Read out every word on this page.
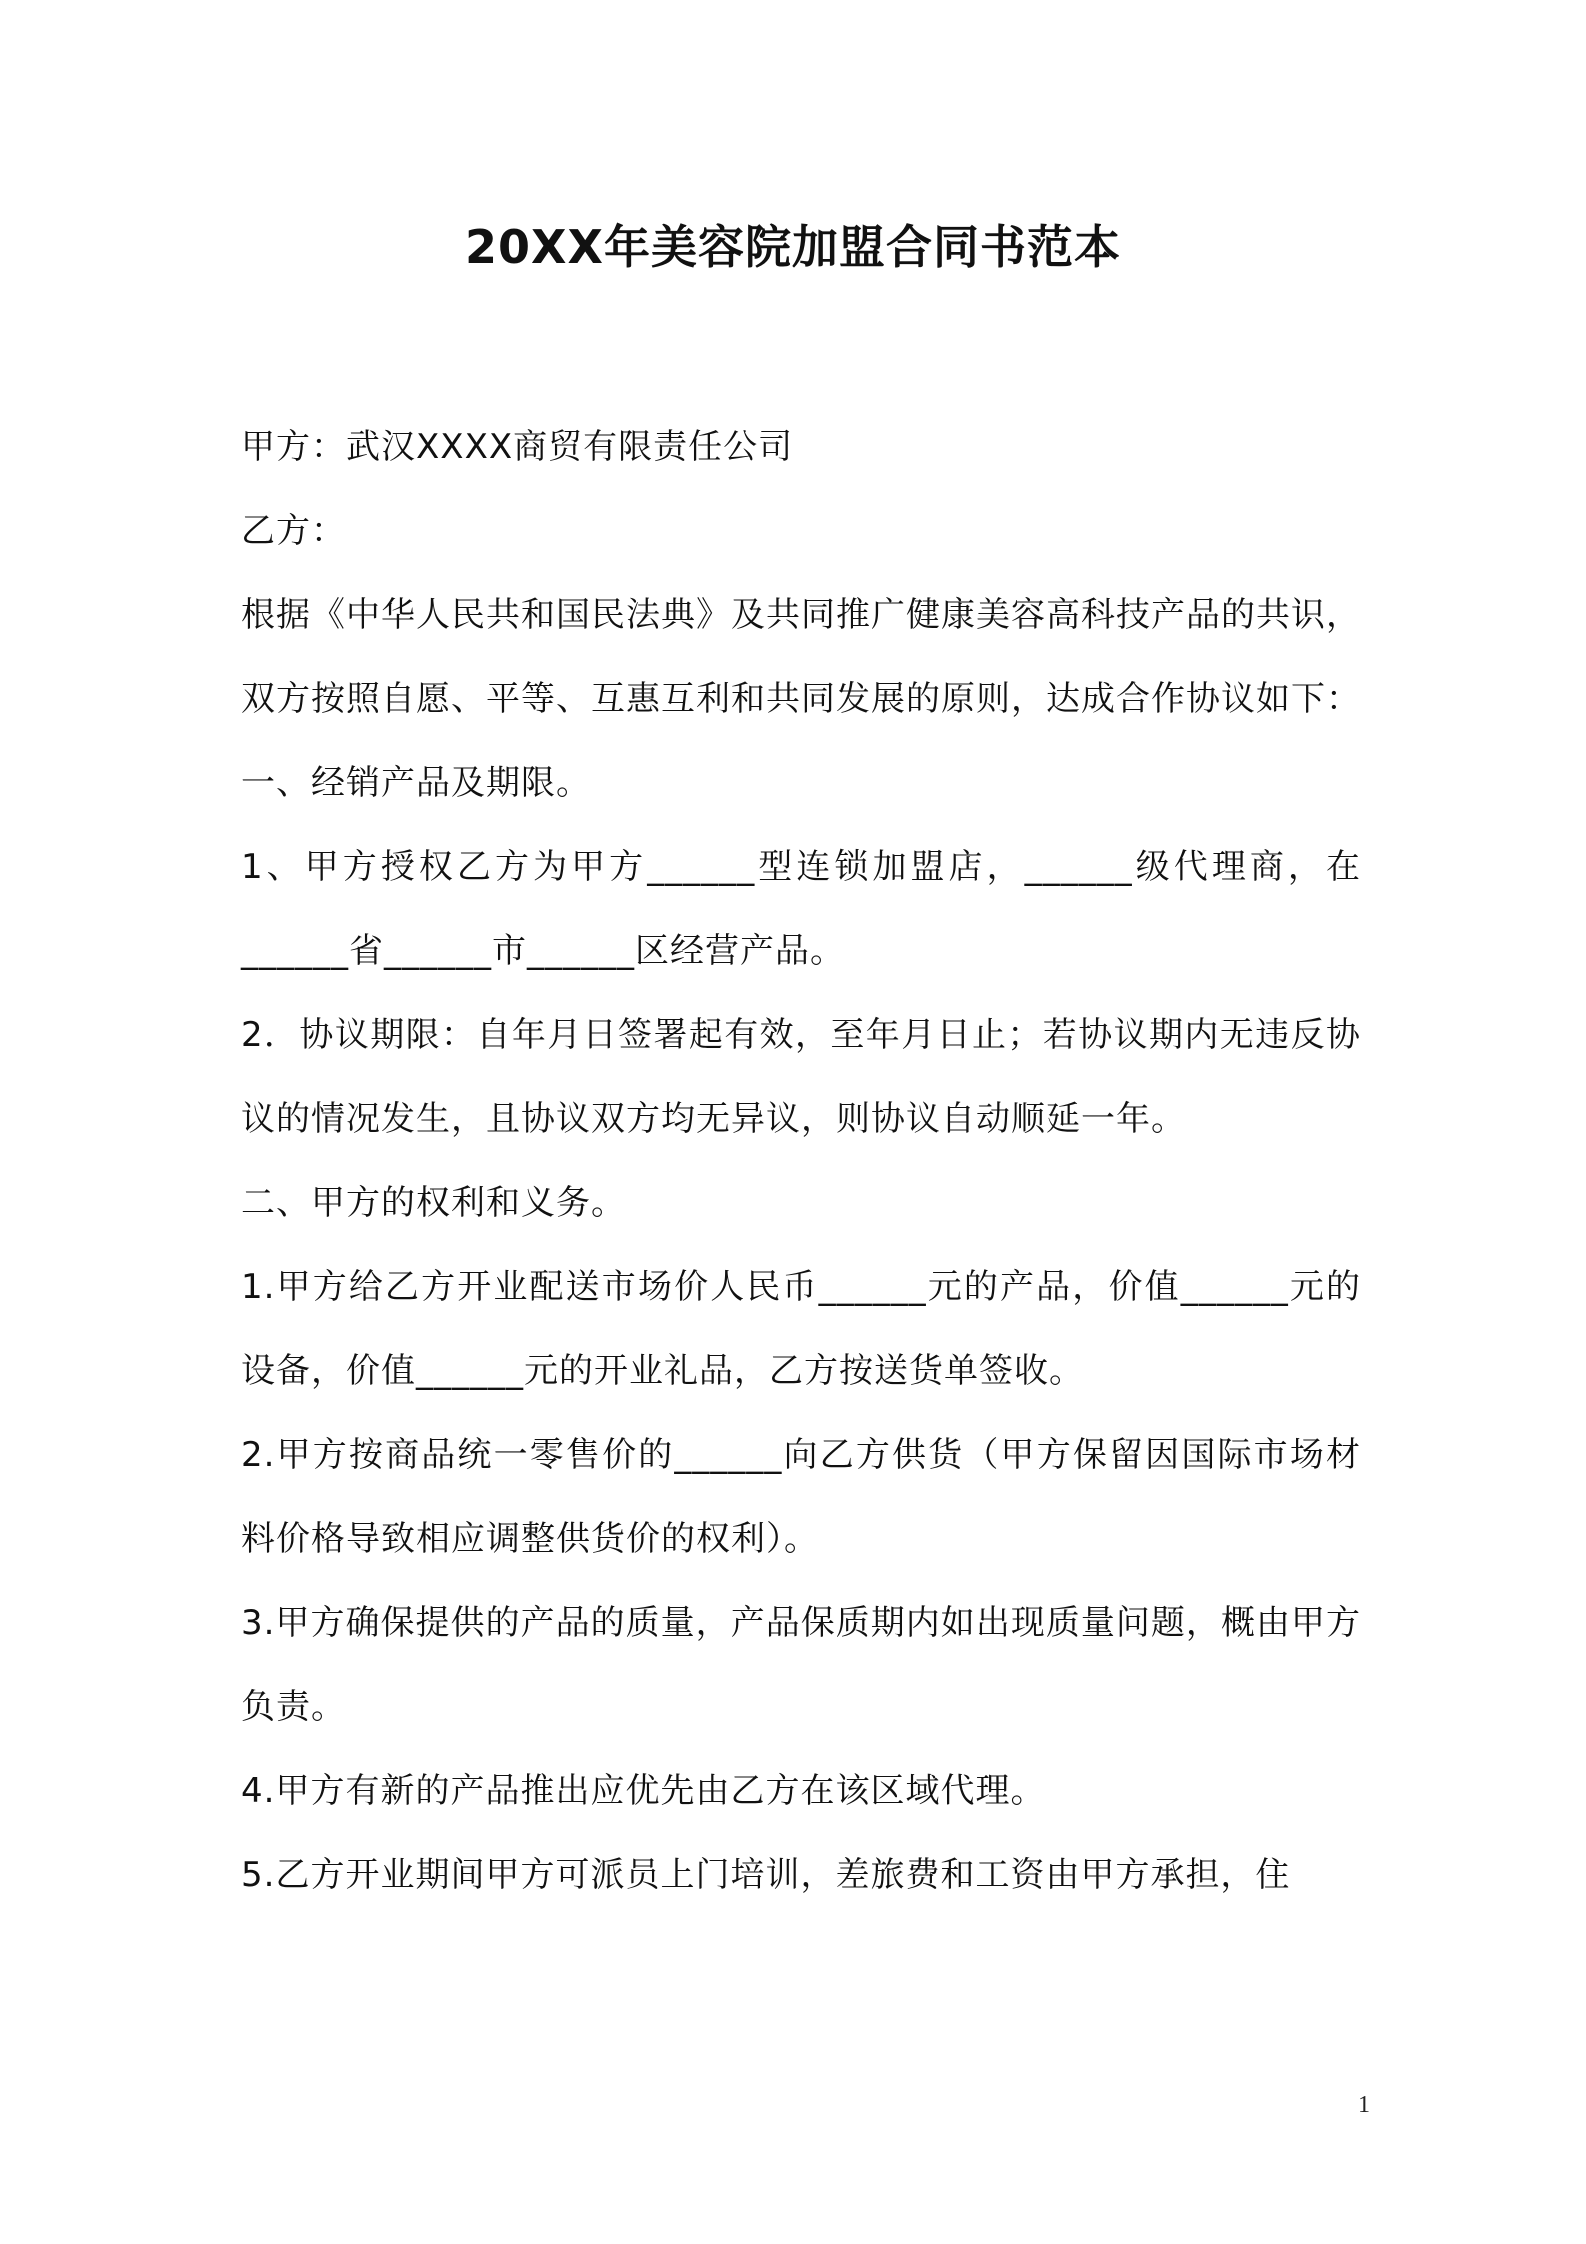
20XX年美容院加盟合同书范本

甲方：武汉XXXX商贸有限责任公司

乙方：

根据《中华人民共和国民法典》及共同推广健康美容高科技产品的共识，双方按照自愿、平等、互惠互利和共同发展的原则，达成合作协议如下：

一、经销产品及期限。

1、甲方授权乙方为甲方______型连锁加盟店，______级代理商，在______省______市______区经营产品。

2．协议期限：自年月日签署起有效，至年月日止；若协议期内无违反协议的情况发生，且协议双方均无异议，则协议自动顺延一年。

二、甲方的权利和义务。

1.甲方给乙方开业配送市场价人民币______元的产品，价值______元的设备，价值______元的开业礼品，乙方按送货单签收。

2.甲方按商品统一零售价的______向乙方供货（甲方保留因国际市场材料价格导致相应调整供货价的权利）。

3.甲方确保提供的产品的质量，产品保质期内如出现质量问题，概由甲方负责。

4.甲方有新的产品推出应优先由乙方在该区域代理。

5.乙方开业期间甲方可派员上门培训，差旅费和工资由甲方承担，住

1
